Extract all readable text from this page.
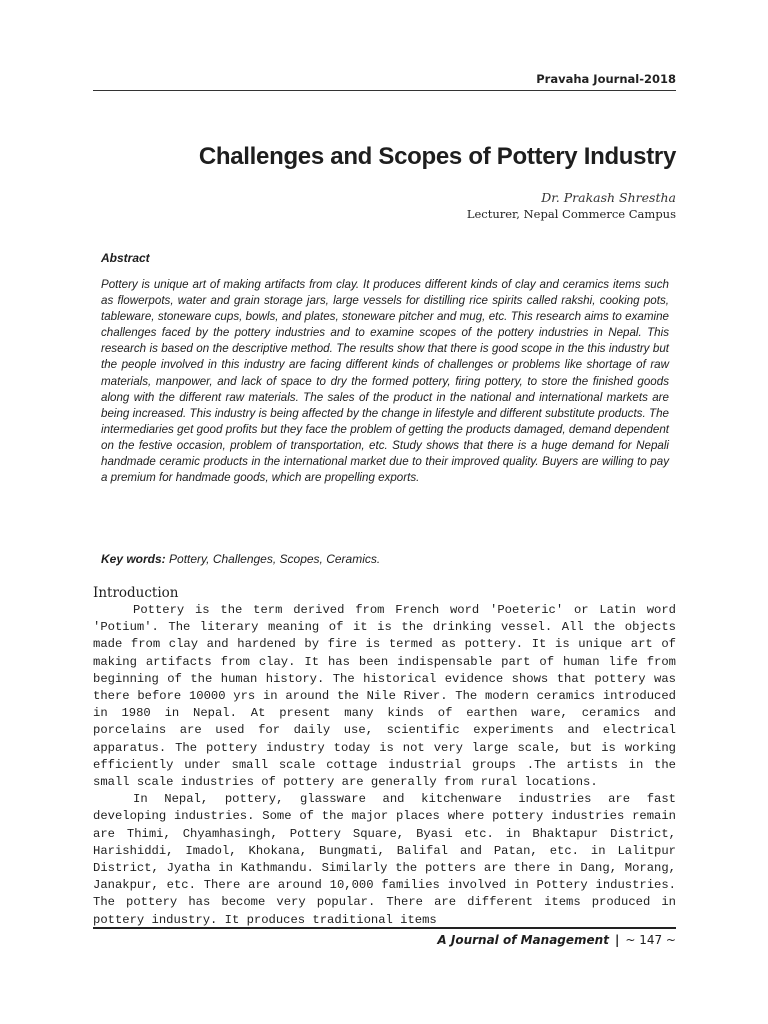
Pravaha Journal-2018
Challenges and Scopes of Pottery Industry
Dr. Prakash Shrestha
Lecturer, Nepal Commerce Campus
Abstract
Pottery is unique art of making artifacts from clay. It produces different kinds of clay and ceramics items such as flowerpots, water and grain storage jars, large vessels for distilling rice spirits called rakshi, cooking pots, tableware, stoneware cups, bowls, and plates, stoneware pitcher and mug, etc. This research aims to examine challenges faced by the pottery industries and to examine scopes of the pottery industries in Nepal. This research is based on the descriptive method. The results show that there is good scope in the this industry but the people involved in this industry are facing different kinds of challenges or problems like shortage of raw materials, manpower, and lack of space to dry the formed pottery, firing pottery, to store the finished goods along with the different raw materials. The sales of the product in the national and international markets are being increased. This industry is being affected by the change in lifestyle and different substitute products. The intermediaries get good profits but they face the problem of getting the products damaged, demand dependent on the festive occasion, problem of transportation, etc. Study shows that there is a huge demand for Nepali handmade ceramic products in the international market due to their improved quality. Buyers are willing to pay a premium for handmade goods, which are propelling exports.
Key words: Pottery, Challenges, Scopes, Ceramics.
Introduction

Pottery is the term derived from French word 'Poeteric' or Latin word 'Potium'. The literary meaning of it is the drinking vessel. All the objects made from clay and hardened by fire is termed as pottery. It is unique art of making artifacts from clay. It has been indispensable part of human life from beginning of the human history. The historical evidence shows that pottery was there before 10000 yrs in around the Nile River. The modern ceramics introduced in 1980 in Nepal. At present many kinds of earthen ware, ceramics and porcelains are used for daily use, scientific experiments and electrical apparatus. The pottery industry today is not very large scale, but is working efficiently under small scale cottage industrial groups .The artists in the small scale industries of pottery are generally from rural locations.

In Nepal, pottery, glassware and kitchenware industries are fast developing industries. Some of the major places where pottery industries remain are Thimi, Chyamhasingh, Pottery Square, Byasi etc. in Bhaktapur District, Harishiddi, Imadol, Khokana, Bungmati, Balifal and Patan, etc. in Lalitpur District, Jyatha in Kathmandu. Similarly the potters are there in Dang, Morang, Janakpur, etc. There are around 10,000 families involved in Pottery industries. The pottery has become very popular. There are different items produced in pottery industry. It produces traditional items

A Journal of Management | ~ 147 ~
